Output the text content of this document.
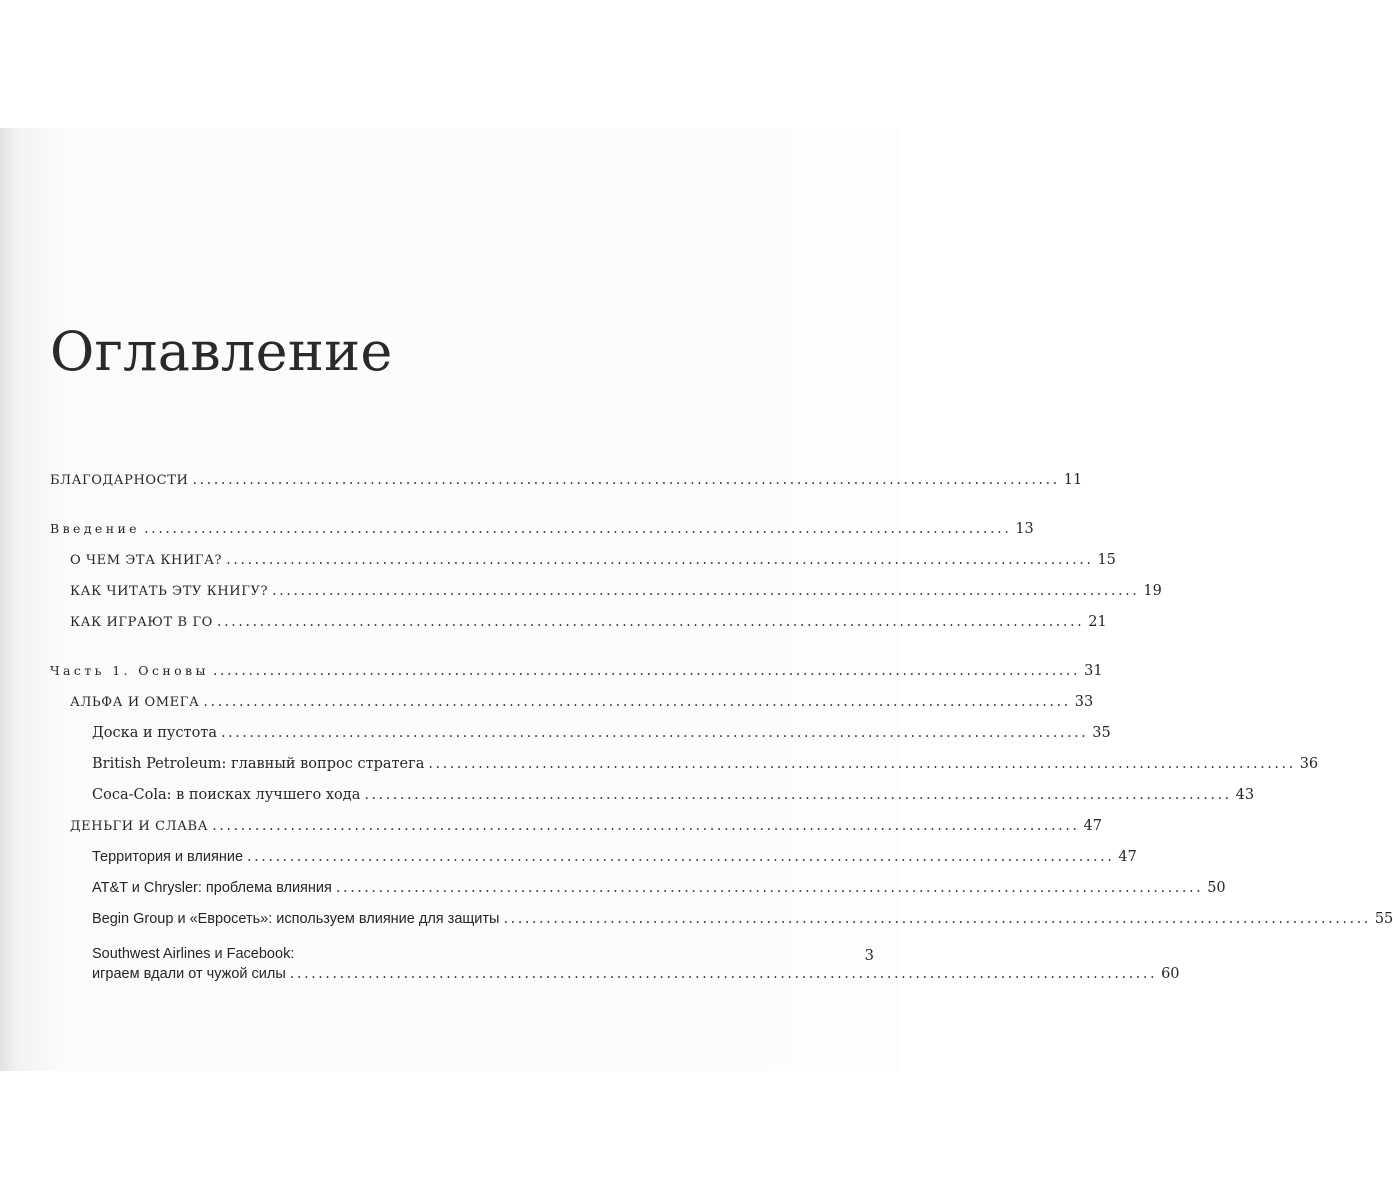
Оглавление
БЛАГОДАРНОСТИ .......................................................................................................................... 11
Введение .......................................................................................................................... 13
О ЧЕМ ЭТА КНИГА? .......................................................................................................................... 15
КАК ЧИТАТЬ ЭТУ КНИГУ? .......................................................................................................................... 19
КАК ИГРАЮТ В ГО .......................................................................................................................... 21
Часть 1. Основы .......................................................................................................................... 31
АЛЬФА И ОМЕГА .......................................................................................................................... 33
Доска и пустота .......................................................................................................................... 35
British Petroleum: главный вопрос стратега .......................................................................................................................... 36
Coca-Cola: в поисках лучшего хода .......................................................................................................................... 43
ДЕНЬГИ И СЛАВА .......................................................................................................................... 47
Территория и влияние .......................................................................................................................... 47
AT&T и Chrysler: проблема влияния .......................................................................................................................... 50
Begin Group и «Евросеть»: используем влияние для защиты .......................................................................................................................... 55
Southwest Airlines и Facebook:
играем вдали от чужой силы .......................................................................................................................... 60
3
